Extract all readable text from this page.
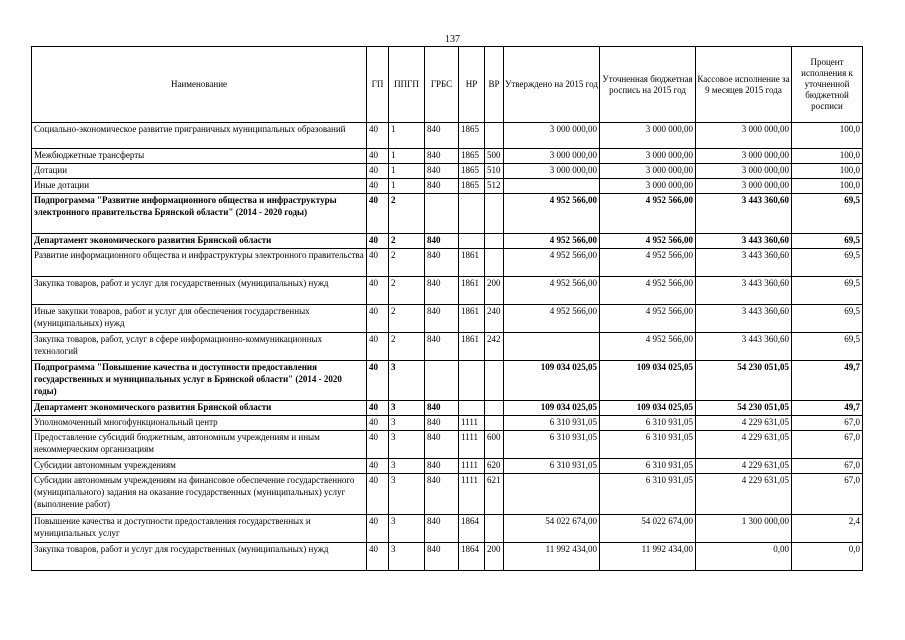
137
Наименование	ГП	ППГП	ГРБС	НР	ВР	Утверждено на 2015 год	Уточненная бюджетная роспись на 2015 год	Кассовое исполнение за 9 месяцев 2015 года	Процент исполнения к уточненной бюджетной росписи
Социально-экономическое развитие приграничных муниципальных образований	40	1	840	1865		3 000 000,00	3 000 000,00	3 000 000,00	100,0
Межбюджетные трансферты	40	1	840	1865	500	3 000 000,00	3 000 000,00	3 000 000,00	100,0
Дотации	40	1	840	1865	510	3 000 000,00	3 000 000,00	3 000 000,00	100,0
Иные дотации	40	1	840	1865	512		3 000 000,00	3 000 000,00	100,0
Подпрограмма "Развитие информационного общества и инфраструктуры электронного правительства Брянской области" (2014 - 2020 годы)	40	2				4 952 566,00	4 952 566,00	3 443 360,60	69,5
Департамент экономического развития Брянской области	40	2	840			4 952 566,00	4 952 566,00	3 443 360,60	69,5
Развитие информационного общества и инфраструктуры электронного правительства	40	2	840	1861		4 952 566,00	4 952 566,00	3 443 360,60	69,5
Закупка товаров, работ и услуг для государственных (муниципальных) нужд	40	2	840	1861	200	4 952 566,00	4 952 566,00	3 443 360,60	69,5
Иные закупки товаров, работ и услуг для обеспечения государственных (муниципальных) нужд	40	2	840	1861	240	4 952 566,00	4 952 566,00	3 443 360,60	69,5
Закупка товаров, работ, услуг в сфере информационно-коммуникационных технологий	40	2	840	1861	242		4 952 566,00	3 443 360,60	69,5
Подпрограмма "Повышение качества и доступности предоставления государственных и муниципальных услуг в Брянской области" (2014 - 2020 годы)	40	3				109 034 025,05	109 034 025,05	54 230 051,05	49,7
Департамент экономического развития Брянской области	40	3	840			109 034 025,05	109 034 025,05	54 230 051,05	49,7
Уполномоченный многофункциональный центр	40	3	840	1111		6 310 931,05	6 310 931,05	4 229 631,05	67,0
Предоставление субсидий бюджетным, автономным учреждениям и иным некоммерческим организациям	40	3	840	1111	600	6 310 931,05	6 310 931,05	4 229 631,05	67,0
Субсидии автономным учреждениям	40	3	840	1111	620	6 310 931,05	6 310 931,05	4 229 631,05	67,0
Субсидии автономным учреждениям на финансовое обеспечение государственного (муниципального) задания на оказание государственных (муниципальных) услуг (выполнение работ)	40	3	840	1111	621		6 310 931,05	4 229 631,05	67,0
Повышение качества и доступности предоставления государственных и муниципальных услуг	40	3	840	1864		54 022 674,00	54 022 674,00	1 300 000,00	2,4
Закупка товаров, работ и услуг для государственных (муниципальных) нужд	40	3	840	1864	200	11 992 434,00	11 992 434,00	0,00	0,0
